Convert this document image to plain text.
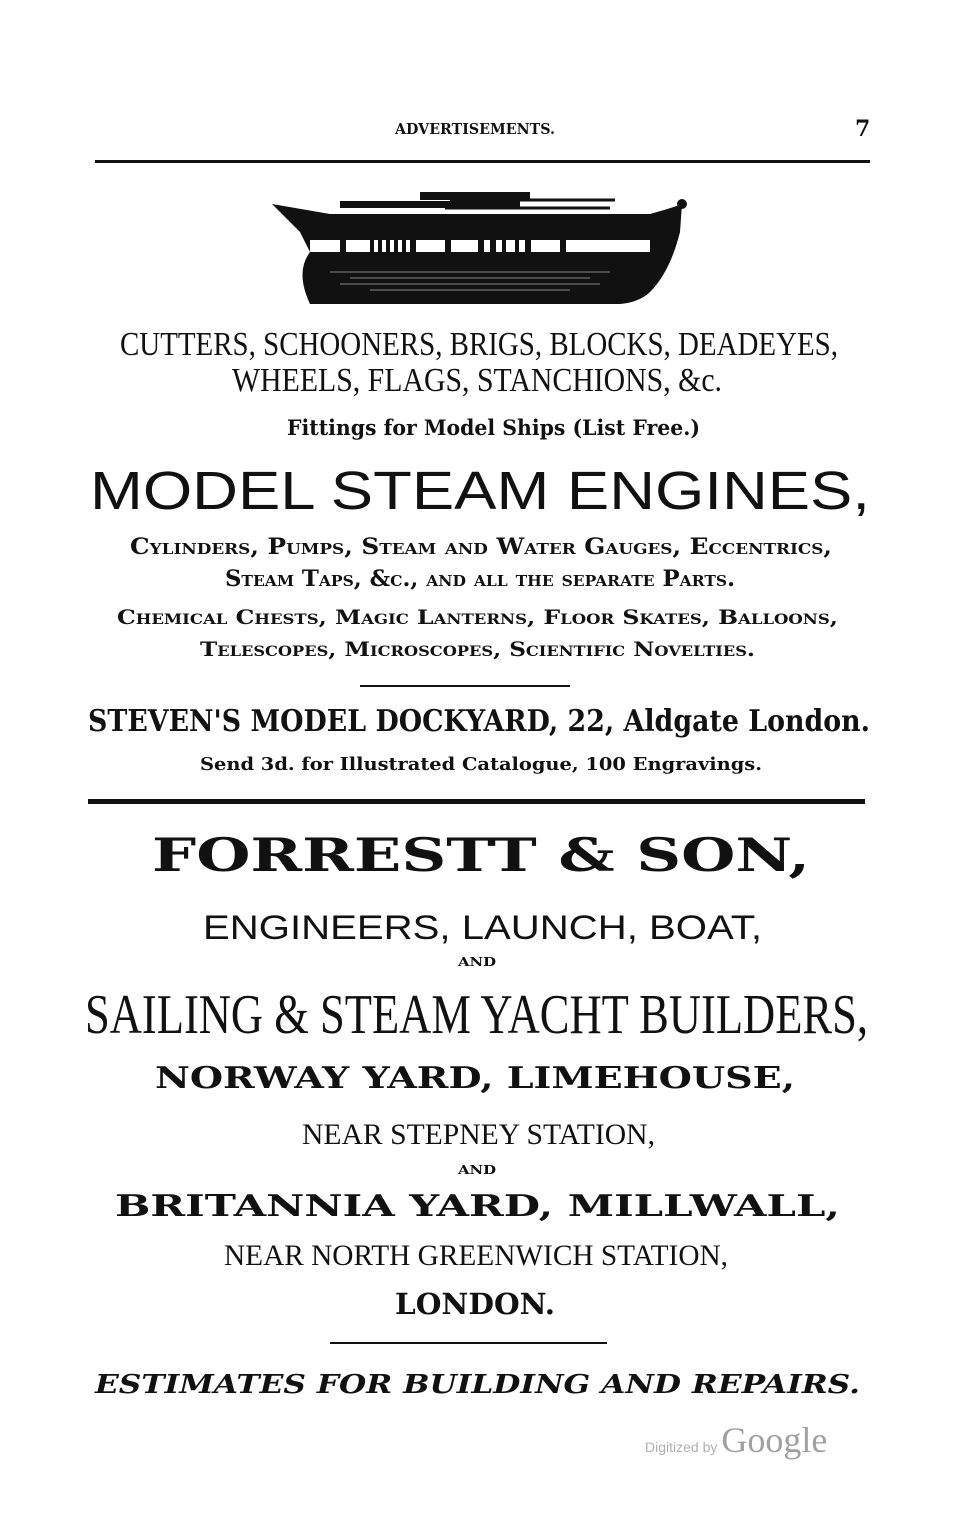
ADVERTISEMENTS.	7
CUTTERS, SCHOONERS, BRIGS, BLOCKS, DEADEYES,
WHEELS, FLAGS, STANCHIONS, &c.
Fittings for Model Ships (List Free.)
MODEL STEAM ENGINES,
Cylinders, Pumps, Steam and Water Gauges, Eccentrics,
Steam Taps, &c., and all the separate Parts.
Chemical Chests, Magic Lanterns, Floor Skates, Balloons,
Telescopes, Microscopes, Scientific Novelties.
STEVEN'S MODEL DOCKYARD, 22, Aldgate London.
Send 3d. for Illustrated Catalogue, 100 Engravings.
FORRESTT & SON,
ENGINEERS, LAUNCH, BOAT,
AND
SAILING & STEAM YACHT BUILDERS,
NORWAY YARD, LIMEHOUSE,
NEAR STEPNEY STATION,
AND
BRITANNIA YARD, MILLWALL,
NEAR NORTH GREENWICH STATION,
LONDON.
ESTIMATES FOR BUILDING AND REPAIRS.
Digitized by Google
